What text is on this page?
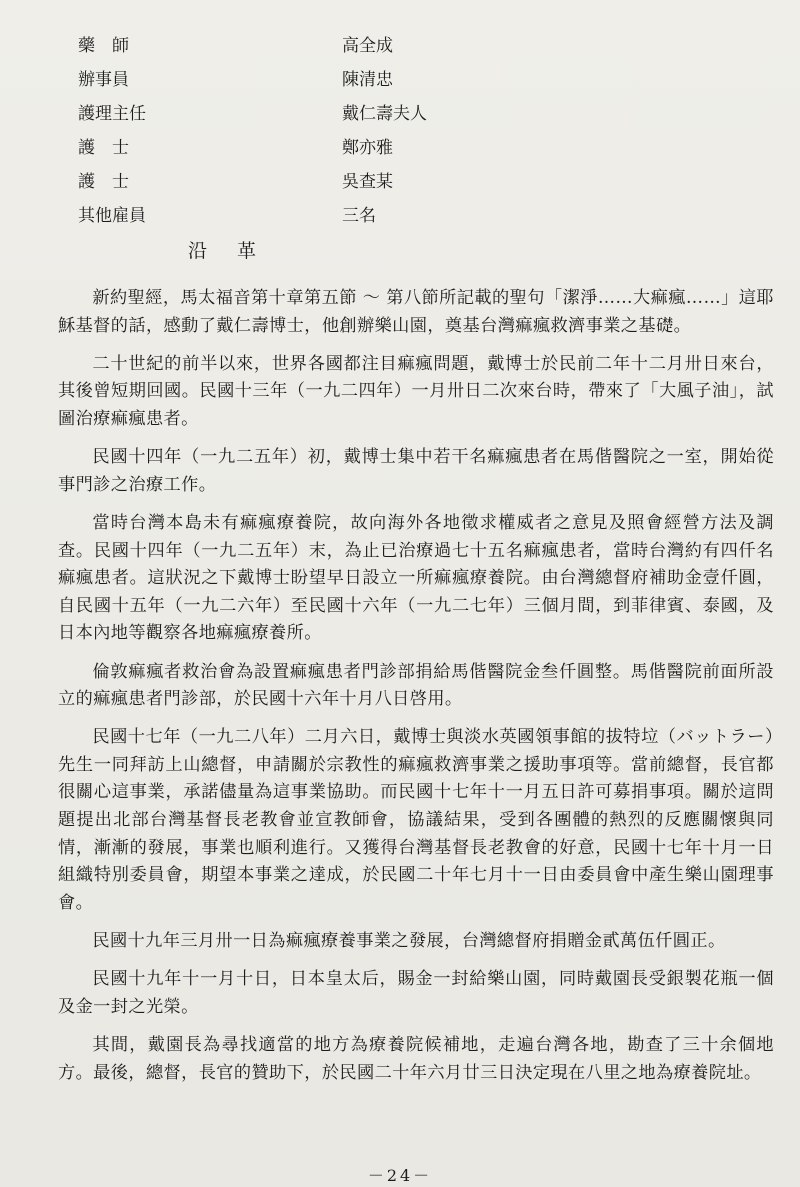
藥　師	高全成
辦事員	陳清忠
護理主任	戴仁壽夫人
護　士	鄭亦雅
護　士	吳查某
其他雇員	三名
沿革

新約聖經，馬太福音第十章第五節 ～ 第八節所記載的聖句「潔淨……大痲瘋……」這耶穌基督的話，感動了戴仁壽博士，他創辦樂山園，奠基台灣痲瘋救濟事業之基礎。

二十世紀的前半以來，世界各國都注目痲瘋問題，戴博士於民前二年十二月卅日來台，其後曾短期回國。民國十三年（一九二四年）一月卅日二次來台時，帶來了「大風子油」，試圖治療痲瘋患者。

民國十四年（一九二五年）初，戴博士集中若干名痲瘋患者在馬偕醫院之一室，開始從事門診之治療工作。

當時台灣本島未有痲瘋療養院，故向海外各地徵求權威者之意見及照會經營方法及調查。民國十四年（一九二五年）末，為止已治療過七十五名痲瘋患者，當時台灣約有四仟名痲瘋患者。這狀況之下戴博士盼望早日設立一所痲瘋療養院。由台灣總督府補助金壹仟圓，自民國十五年（一九二六年）至民國十六年（一九二七年）三個月間，到菲律賓、泰國，及日本內地等觀察各地痲瘋療養所。

倫敦痲瘋者救治會為設置痲瘋患者門診部捐給馬偕醫院金叁仟圓整。馬偕醫院前面所設立的痲瘋患者門診部，於民國十六年十月八日啓用。

民國十七年（一九二八年）二月六日，戴博士與淡水英國領事館的拔特垃（バットラー）先生一同拜訪上山總督，申請關於宗教性的痲瘋救濟事業之援助事項等。當前總督，長官都很關心這事業，承諾儘量為這事業協助。而民國十七年十一月五日許可募捐事項。關於這問題提出北部台灣基督長老教會並宣教師會，協議結果，受到各團體的熱烈的反應關懷與同情，漸漸的發展，事業也順利進行。又獲得台灣基督長老教會的好意，民國十七年十月一日組織特別委員會，期望本事業之達成，於民國二十年七月十一日由委員會中產生樂山園理事會。

民國十九年三月卅一日為痲瘋療養事業之發展，台灣總督府捐贈金貳萬伍仟圓正。

民國十九年十一月十日，日本皇太后，賜金一封給樂山園，同時戴園長受銀製花瓶一個及金一封之光榮。

其間，戴園長為尋找適當的地方為療養院候補地，走遍台灣各地，勘查了三十余個地方。最後，總督，長官的贊助下，於民國二十年六月廿三日決定現在八里之地為療養院址。

－24－
